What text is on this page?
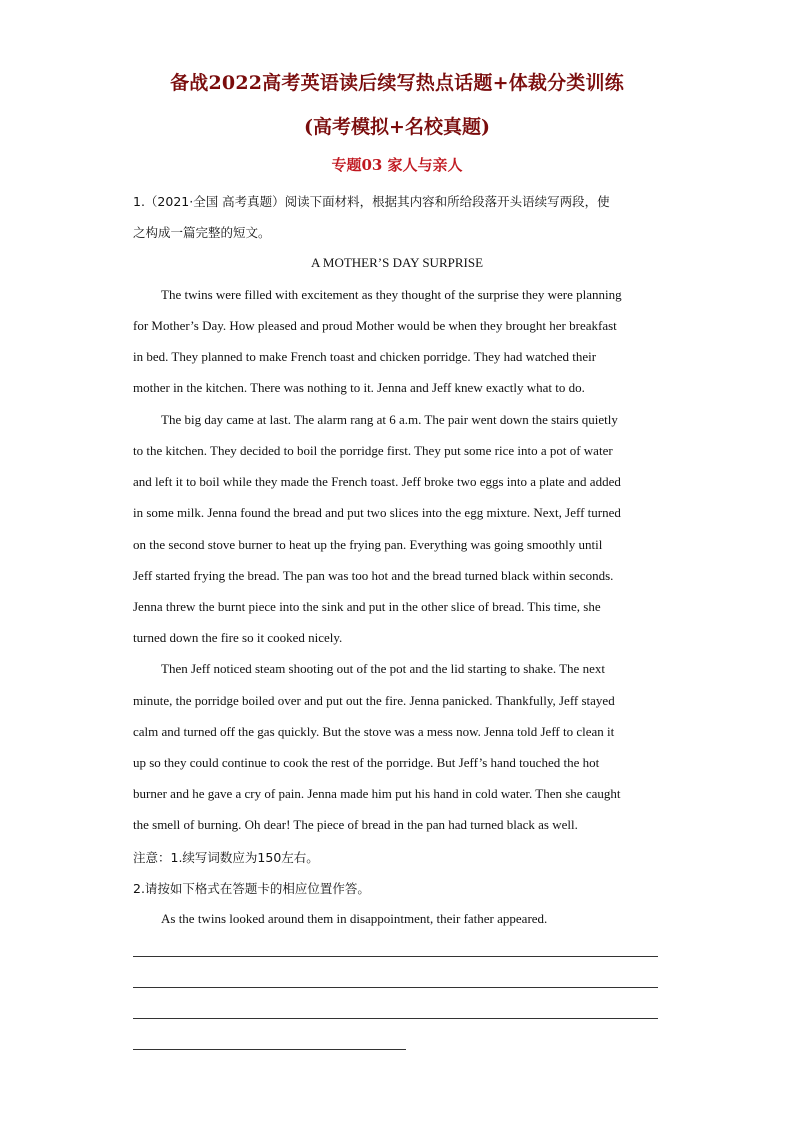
备战2022高考英语读后续写热点话题+体裁分类训练
(高考模拟+名校真题)
专题03 家人与亲人
1.（2021·全国 高考真题）阅读下面材料，根据其内容和所给段落开头语续写两段，使
之构成一篇完整的短文。
A MOTHER’S DAY SURPRISE
The twins were filled with excitement as they thought of the surprise they were planning
for Mother’s Day. How pleased and proud Mother would be when they brought her breakfast
in bed. They planned to make French toast and chicken porridge. They had watched their
mother in the kitchen. There was nothing to it. Jenna and Jeff knew exactly what to do.
The big day came at last. The alarm rang at 6 a.m. The pair went down the stairs quietly
to the kitchen. They decided to boil the porridge first. They put some rice into a pot of water
and left it to boil while they made the French toast. Jeff broke two eggs into a plate and added
in some milk. Jenna found the bread and put two slices into the egg mixture. Next, Jeff turned
on the second stove burner to heat up the frying pan. Everything was going smoothly until
Jeff started frying the bread. The pan was too hot and the bread turned black within seconds.
Jenna threw the burnt piece into the sink and put in the other slice of bread. This time, she
turned down the fire so it cooked nicely.
Then Jeff noticed steam shooting out of the pot and the lid starting to shake. The next
minute, the porridge boiled over and put out the fire. Jenna panicked. Thankfully, Jeff stayed
calm and turned off the gas quickly. But the stove was a mess now. Jenna told Jeff to clean it
up so they could continue to cook the rest of the porridge. But Jeff’s hand touched the hot
burner and he gave a cry of pain. Jenna made him put his hand in cold water. Then she caught
the smell of burning. Oh dear! The piece of bread in the pan had turned black as well.
注意：1.续写词数应为150左右。
2.请按如下格式在答题卡的相应位置作答。
As the twins looked around them in disappointment, their father appeared.
